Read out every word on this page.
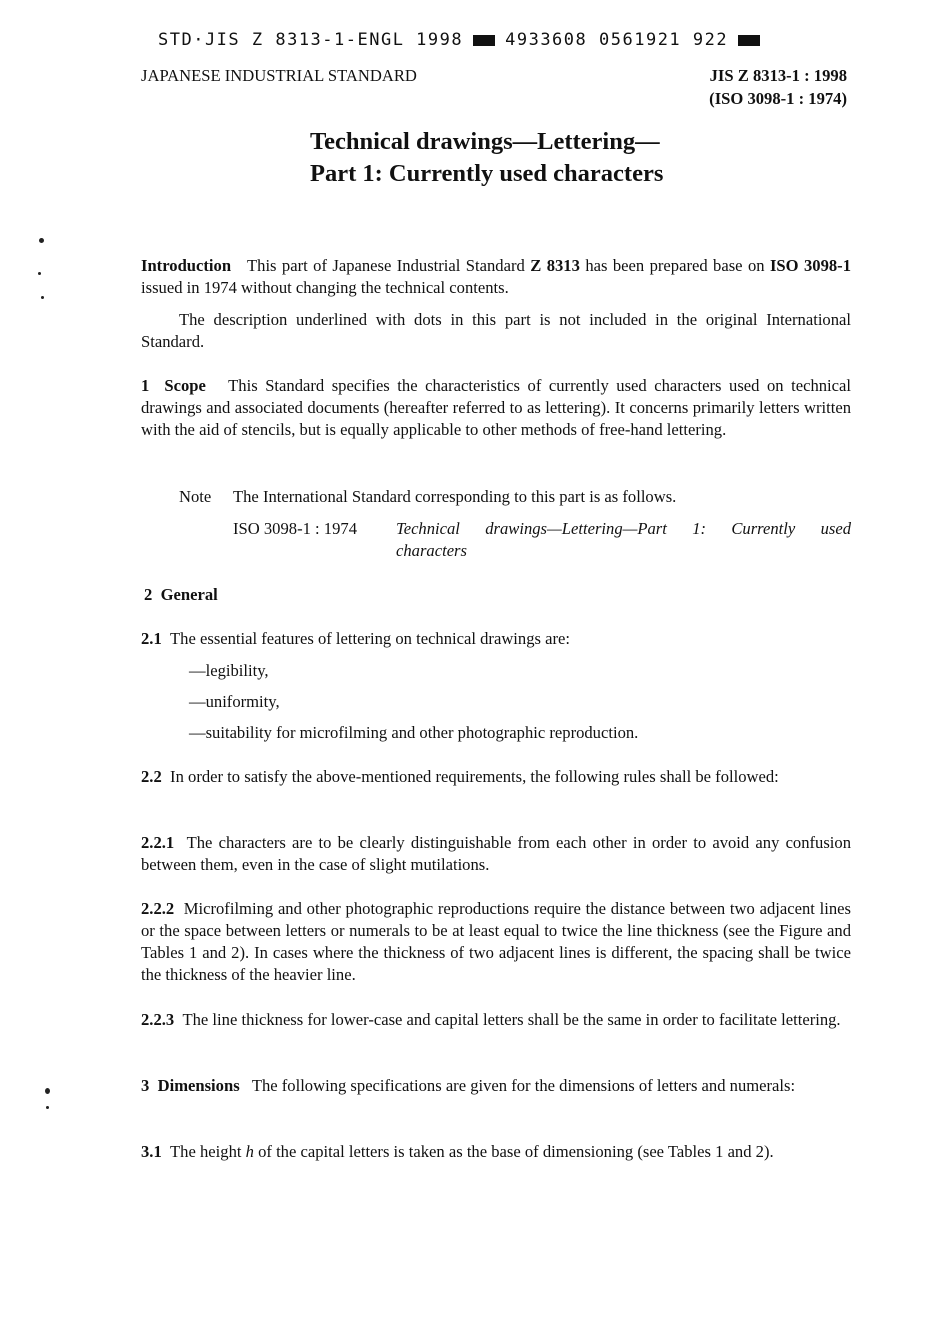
STD·JIS Z 8313-1-ENGL 1998 4933608 0561921 922
JAPANESE INDUSTRIAL STANDARD	JIS Z 8313-1 : 1998
(ISO 3098-1 : 1974)
Technical drawings—Lettering—
Part 1: Currently used characters

Introduction This part of Japanese Industrial Standard Z 8313 has been prepared base on ISO 3098-1 issued in 1974 without changing the technical contents.

The description underlined with dots in this part is not included in the original International Standard.

1 Scope This Standard specifies the characteristics of currently used characters used on technical drawings and associated documents (hereafter referred to as lettering). It concerns primarily letters written with the aid of stencils, but is equally applicable to other methods of free-hand lettering.

Note The International Standard corresponding to this part is as follows.
ISO 3098-1 : 1974 Technical drawings—Lettering—Part 1: Currently used
characters
2 General

2.1 The essential features of lettering on technical drawings are:

—legibility,
—uniformity,
—suitability for microfilming and other photographic reproduction.

2.2 In order to satisfy the above-mentioned requirements, the following rules shall be followed:

2.2.1 The characters are to be clearly distinguishable from each other in order to avoid any confusion between them, even in the case of slight mutilations.

2.2.2 Microfilming and other photographic reproductions require the distance between two adjacent lines or the space between letters or numerals to be at least equal to twice the line thickness (see the Figure and Tables 1 and 2). In cases where the thickness of two adjacent lines is different, the spacing shall be twice the thickness of the heavier line.

2.2.3 The line thickness for lower-case and capital letters shall be the same in order to facilitate lettering.

3 Dimensions The following specifications are given for the dimensions of letters and numerals:

3.1 The height h of the capital letters is taken as the base of dimensioning (see Tables 1 and 2).
